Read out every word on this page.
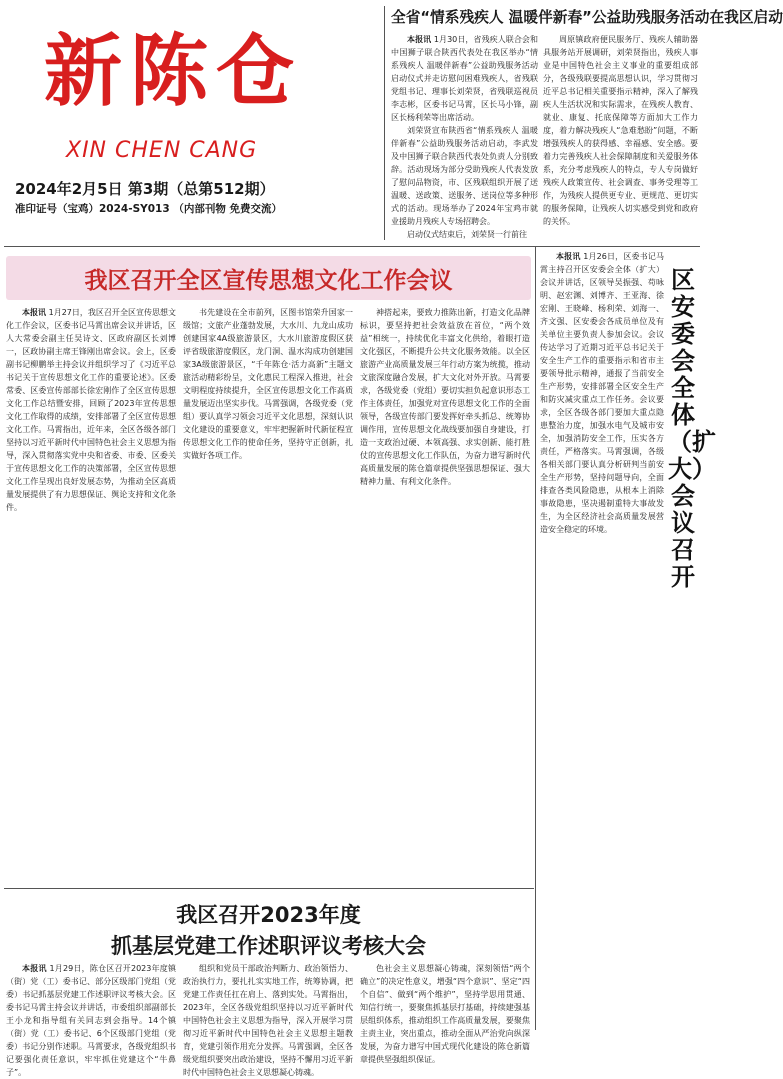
新陈仓
XIN CHEN CANG
2024年2月5日 第3期（总第512期）
准印证号（宝鸡）2024-SY013 （内部刊物 免费交流）
全省“情系残疾人 温暖伴新春”公益助残服务活动在我区启动

本报讯 1月30日，省残疾人联合会和中国狮子联合陕西代表处在我区举办“情系残疾人 温暖伴新春”公益助残服务活动启动仪式并走访慰问困难残疾人，省残联党组书记、理事长刘荣贤，省残联巡视员李志彬，区委书记马霄，区长马小锋，副区长杨利荣等出席活动。

刘荣贤宣布陕西省“情系残疾人 温暖伴新春”公益助残服务活动启动，李武发及中国狮子联合陕西代表处负责人分别致辞。活动现场为部分受助残疾人代表发放了慰问品物资，市、区残联组织开展了送温暖、送政策、送服务、送岗位等多种形式的活动。现场举办了2024年宝鸡市就业援助月残疾人专场招聘会。

启动仪式结束后，刘荣贤一行前往

周原镇政府便民服务厅、残疾人辅助器具服务站开展调研，刘荣贤指出，残疾人事业是中国特色社会主义事业的重要组成部分，各级残联要提高思想认识，学习贯彻习近平总书记相关重要指示精神，深入了解残疾人生活状况和实际需求，在残疾人教育、就业、康复、托底保障等方面加大工作力度，着力解决残疾人“急难愁盼”问题，不断增强残疾人的获得感、幸福感、安全感。要着力完善残疾人社会保障制度和关爱服务体系，充分考虑残疾人的特点，专人专岗做好残疾人政策宣传、社会调查、事务受理等工作，为残疾人提供更专业、更规范、更切实的服务保障，让残疾人切实感受到党和政府的关怀。

我区召开全区宣传思想文化工作会议

本报讯 1月27日，我区召开全区宣传思想文化工作会议，区委书记马霄出席会议并讲话，区人大常委会副主任吴诗文、区政府副区长刘博一，区政协副主席王锋刚出席会议。会上，区委副书记柳鹏举主持会议并组织学习了《习近平总书记关于宣传思想文化工作的重要论述》。区委常委、区委宣传部部长徐宏刚作了全区宣传思想文化工作总结暨安排，回顾了2023年宣传思想文化工作取得的成绩，安排部署了全区宣传思想文化工作。马霄指出，近年来，全区各级各部门坚持以习近平新时代中国特色社会主义思想为指导，深入贯彻落实党中央和省委、市委、区委关于宣传思想文化工作的决策部署，全区宣传思想文化工作呈现出良好发展态势，为推动全区高质量发展提供了有力思想保证、舆论支持和文化条件。

书先建设在全市前列，区图书馆荣升国家一级馆；文旅产业蓬勃发展，大水川、九龙山成功创建国家4A级旅游景区，大水川旅游度假区获评省级旅游度假区，龙门洞、温水沟成功创建国家3A级旅游景区，“千年陈仓·活力高新”主题文旅活动精彩纷呈，文化惠民工程深入推进，社会文明程度持续提升，全区宣传思想文化工作高质量发展迈出坚实步伐。马霄强调，各级党委（党组）要认真学习领会习近平文化思想，深刻认识文化建设的重要意义，牢牢把握新时代新征程宣传思想文化工作的使命任务，坚持守正创新，扎实做好各项工作。

神搭起来，要致力推陈出新，打造文化品牌标识，要坚持把社会效益放在首位，“两个效益”相统一，持续优化丰富文化供给，着眼打造文化强区，不断提升公共文化服务效能。以全区旅游产业高质量发展三年行动方案为统揽，推动文旅深度融合发展，扩大文化对外开放。马霄要求，各级党委（党组）要切实担负起意识形态工作主体责任，加强党对宣传思想文化工作的全面领导，各级宣传部门要发挥好牵头抓总、统筹协调作用，宣传思想文化战线要加强自身建设，打造一支政治过硬、本领高强、求实创新、能打胜仗的宣传思想文化工作队伍，为奋力谱写新时代高质量发展的陈仓篇章提供坚强思想保证、强大精神力量、有利文化条件。

我区召开2023年度
抓基层党建工作述职评议考核大会

本报讯 1月29日，陈仓区召开2023年度镇（街）党（工）委书记、部分区级部门党组（党委）书记抓基层党建工作述职评议考核大会。区委书记马霄主持会议并讲话，市委组织部副部长王小龙和指导组有关同志到会指导。14个镇（街）党（工）委书记、6个区级部门党组（党委）书记分别作述职。马霄要求，各级党组织书记要强化责任意识，牢牢抓住党建这个“牛鼻子”。

组织和党员干部政治判断力、政治领悟力、政治执行力，要扎扎实实地工作，统筹协调，把党建工作责任扛在肩上、落到实处。马霄指出，2023年，全区各级党组织坚持以习近平新时代中国特色社会主义思想为指导，深入开展学习贯彻习近平新时代中国特色社会主义思想主题教育，党建引领作用充分发挥。马霄强调，全区各级党组织要突出政治建设，坚持不懈用习近平新时代中国特色社会主义思想凝心铸魂。

色社会主义思想凝心铸魂，深刻领悟“两个确立”的决定性意义，增强“四个意识”、坚定“四个自信”、做到“两个维护”，坚持学思用贯通、知信行统一，要聚焦抓基层打基础，持续建强基层组织体系，推动组织工作高质量发展，要聚焦主责主业，突出重点，推动全面从严治党向纵深发展，为奋力谱写中国式现代化建设的陈仓新篇章提供坚强组织保证。

本报讯 1月26日，区委书记马霄主持召开区安委会全体（扩大）会议并讲话，区领导吴振强、苟咏明、赵宏渊、刘博齐、王亚海、徐宏刚、王晓峰、杨利荣、刘海一、齐文强、区安委会各成员单位及有关单位主要负责人参加会议。会议传达学习了近期习近平总书记关于安全生产工作的重要指示和省市主要领导批示精神，通报了当前安全生产形势，安排部署全区安全生产和防灾减灾重点工作任务。会议要求，全区各级各部门要加大重点隐患整治力度，加强水电气及城市安全，加强消防安全工作，压实各方责任，严格落实。马霄强调，各级各相关部门要认真分析研判当前安全生产形势，坚持问题导向，全面排查各类风险隐患，从根本上消除事故隐患，坚决遏制重特大事故发生，为全区经济社会高质量发展营造安全稳定的环境。

区安委会全体（扩大）会议召开
